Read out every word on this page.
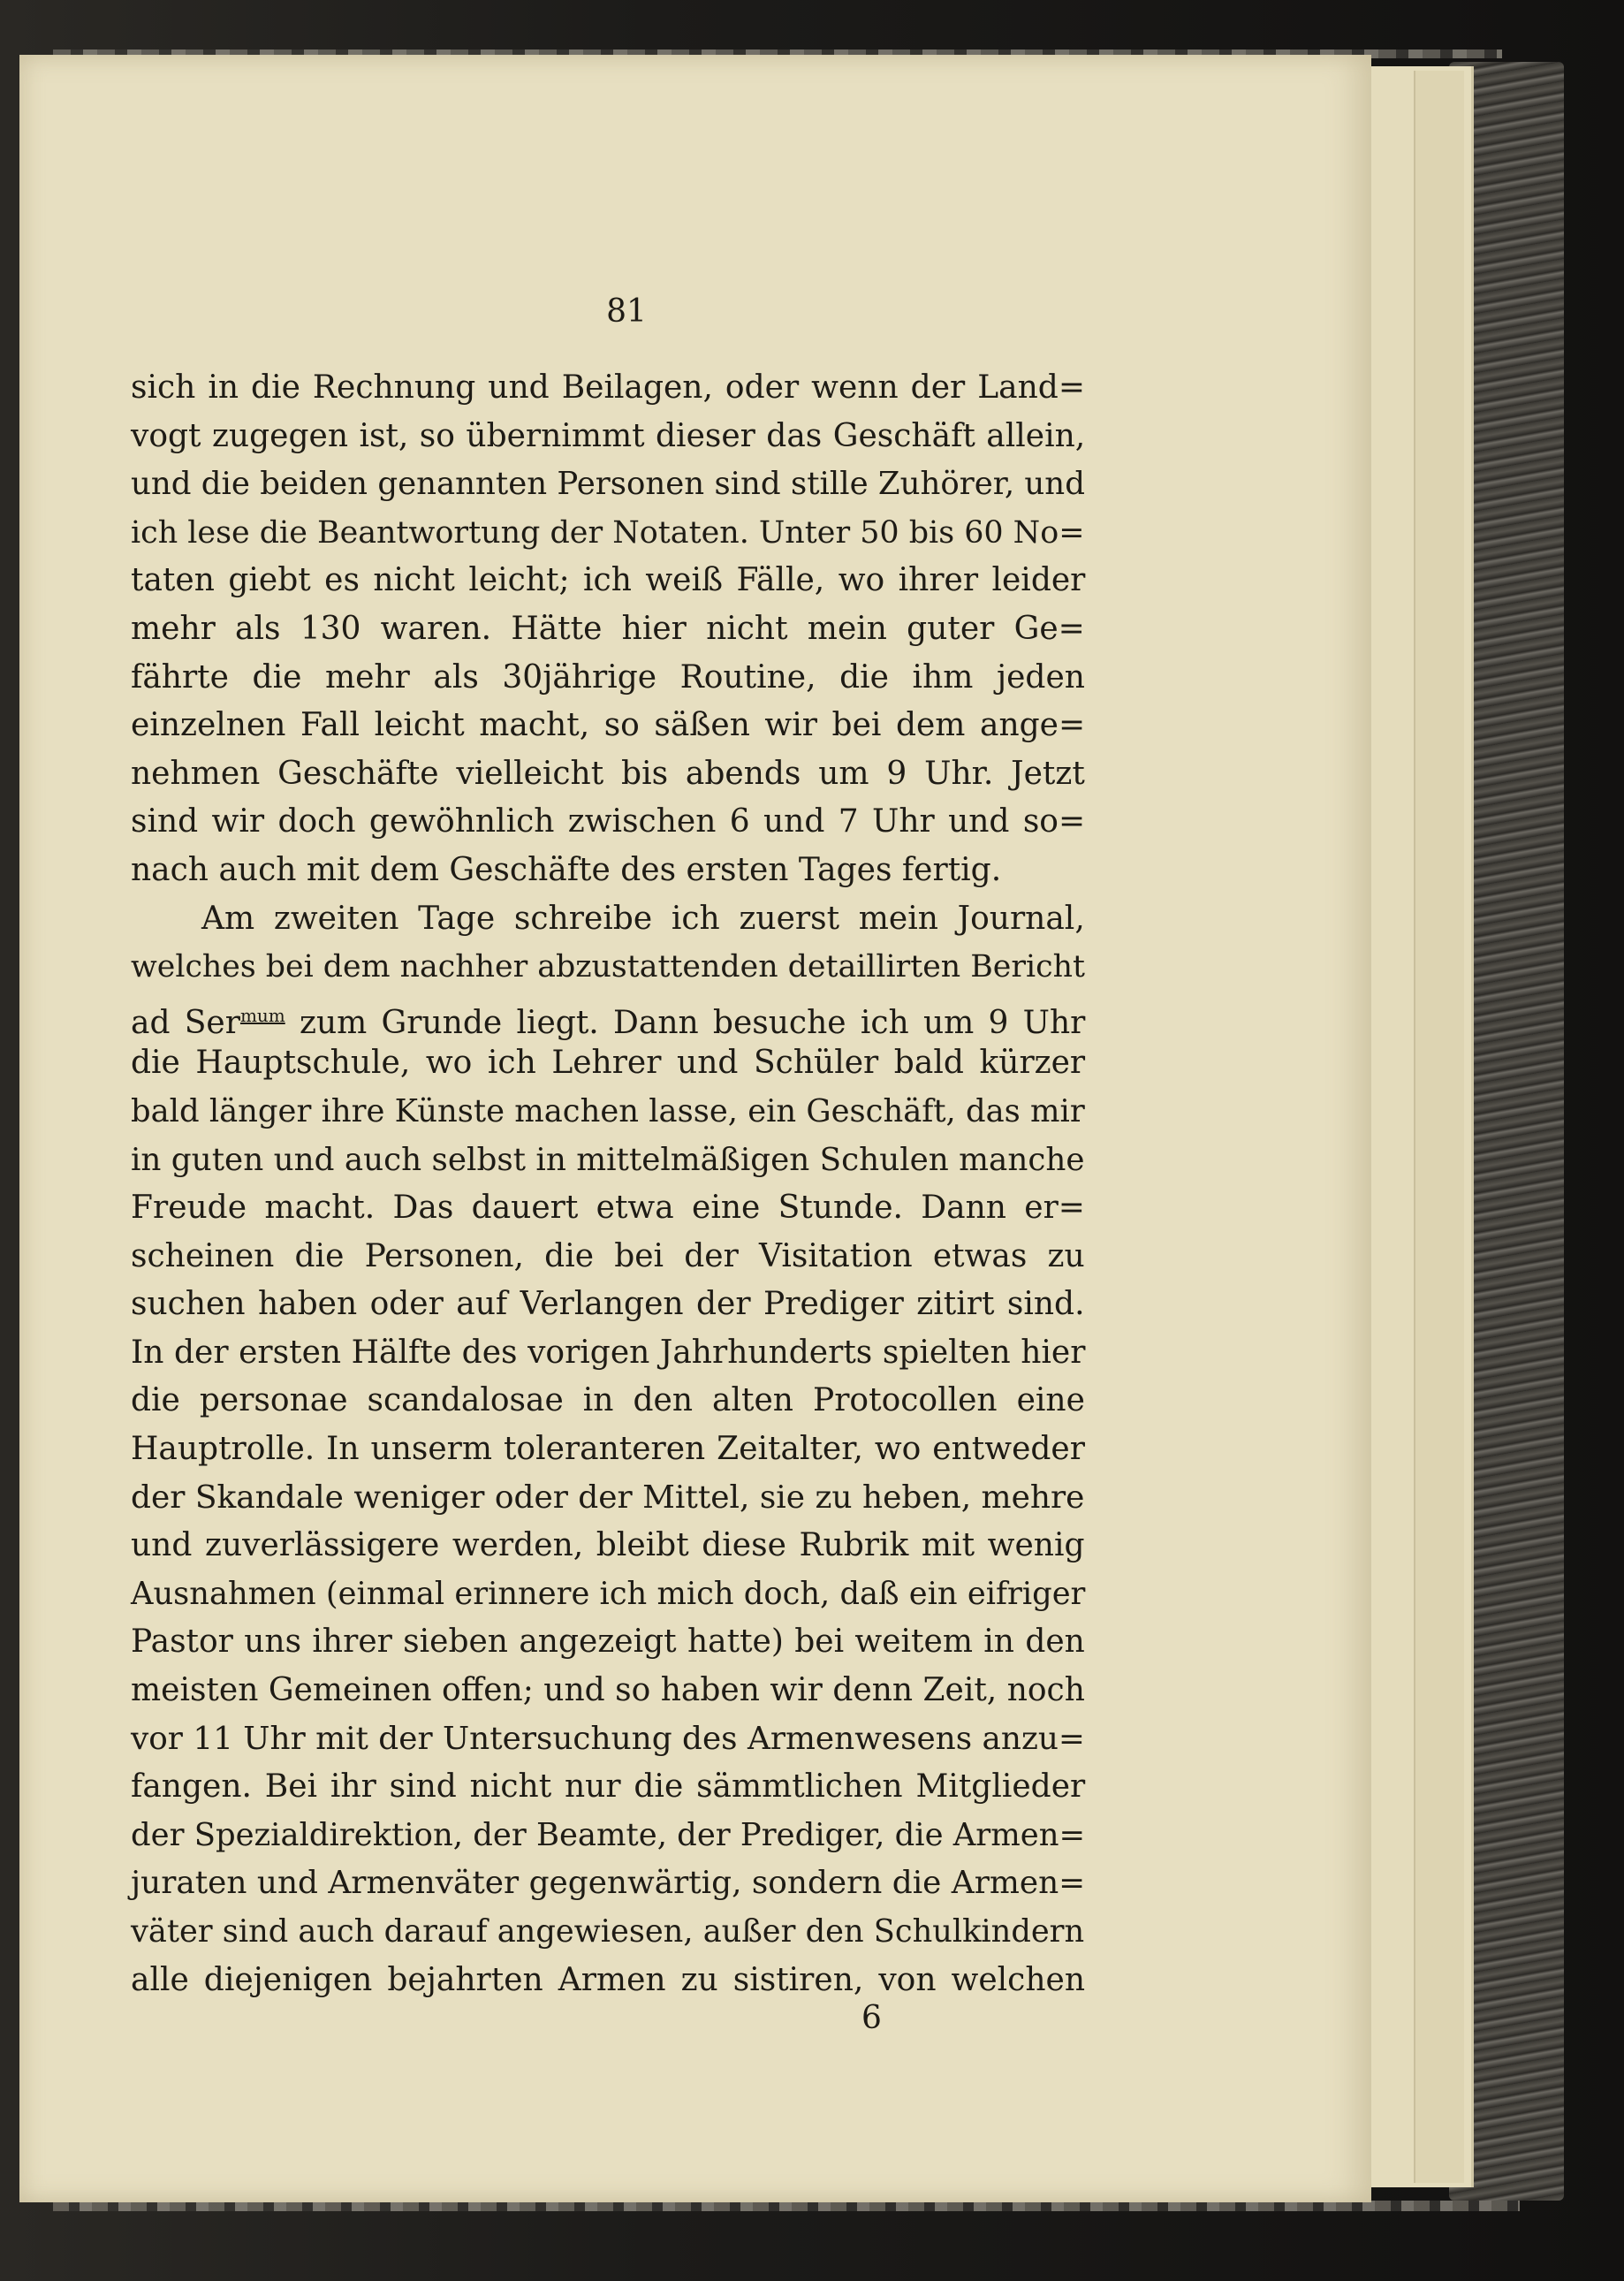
81
sich in die Rechnung und Beilagen, oder wenn der Land=
vogt zugegen ist, so übernimmt dieser das Geschäft allein,
und die beiden genannten Personen sind stille Zuhörer, und
ich lese die Beantwortung der Notaten. Unter 50 bis 60 No=
taten giebt es nicht leicht; ich weiß Fälle, wo ihrer leider
mehr als 130 waren. Hätte hier nicht mein guter Ge=
fährte die mehr als 30jährige Routine, die ihm jeden
einzelnen Fall leicht macht, so säßen wir bei dem ange=
nehmen Geschäfte vielleicht bis abends um 9 Uhr. Jetzt
sind wir doch gewöhnlich zwischen 6 und 7 Uhr und so=
nach auch mit dem Geschäfte des ersten Tages fertig.
Am zweiten Tage schreibe ich zuerst mein Journal,
welches bei dem nachher abzustattenden detaillirten Bericht
ad Ser$^{mum}$ zum Grunde liegt. Dann besuche ich um 9 Uhr
die Hauptschule, wo ich Lehrer und Schüler bald kürzer
bald länger ihre Künste machen lasse, ein Geschäft, das mir
in guten und auch selbst in mittelmäßigen Schulen manche
Freude macht. Das dauert etwa eine Stunde. Dann er=
scheinen die Personen, die bei der Visitation etwas zu
suchen haben oder auf Verlangen der Prediger zitirt sind.
In der ersten Hälfte des vorigen Jahrhunderts spielten hier
die personae scandalosae in den alten Protocollen eine
Hauptrolle. In unserm toleranteren Zeitalter, wo entweder
der Skandale weniger oder der Mittel, sie zu heben, mehre
und zuverlässigere werden, bleibt diese Rubrik mit wenig
Ausnahmen (einmal erinnere ich mich doch, daß ein eifriger
Pastor uns ihrer sieben angezeigt hatte) bei weitem in den
meisten Gemeinen offen; und so haben wir denn Zeit, noch
vor 11 Uhr mit der Untersuchung des Armenwesens anzu=
fangen. Bei ihr sind nicht nur die sämmtlichen Mitglieder
der Spezialdirektion, der Beamte, der Prediger, die Armen=
juraten und Armenväter gegenwärtig, sondern die Armen=
väter sind auch darauf angewiesen, außer den Schulkindern
alle diejenigen bejahrten Armen zu sistiren, von welchen
6
